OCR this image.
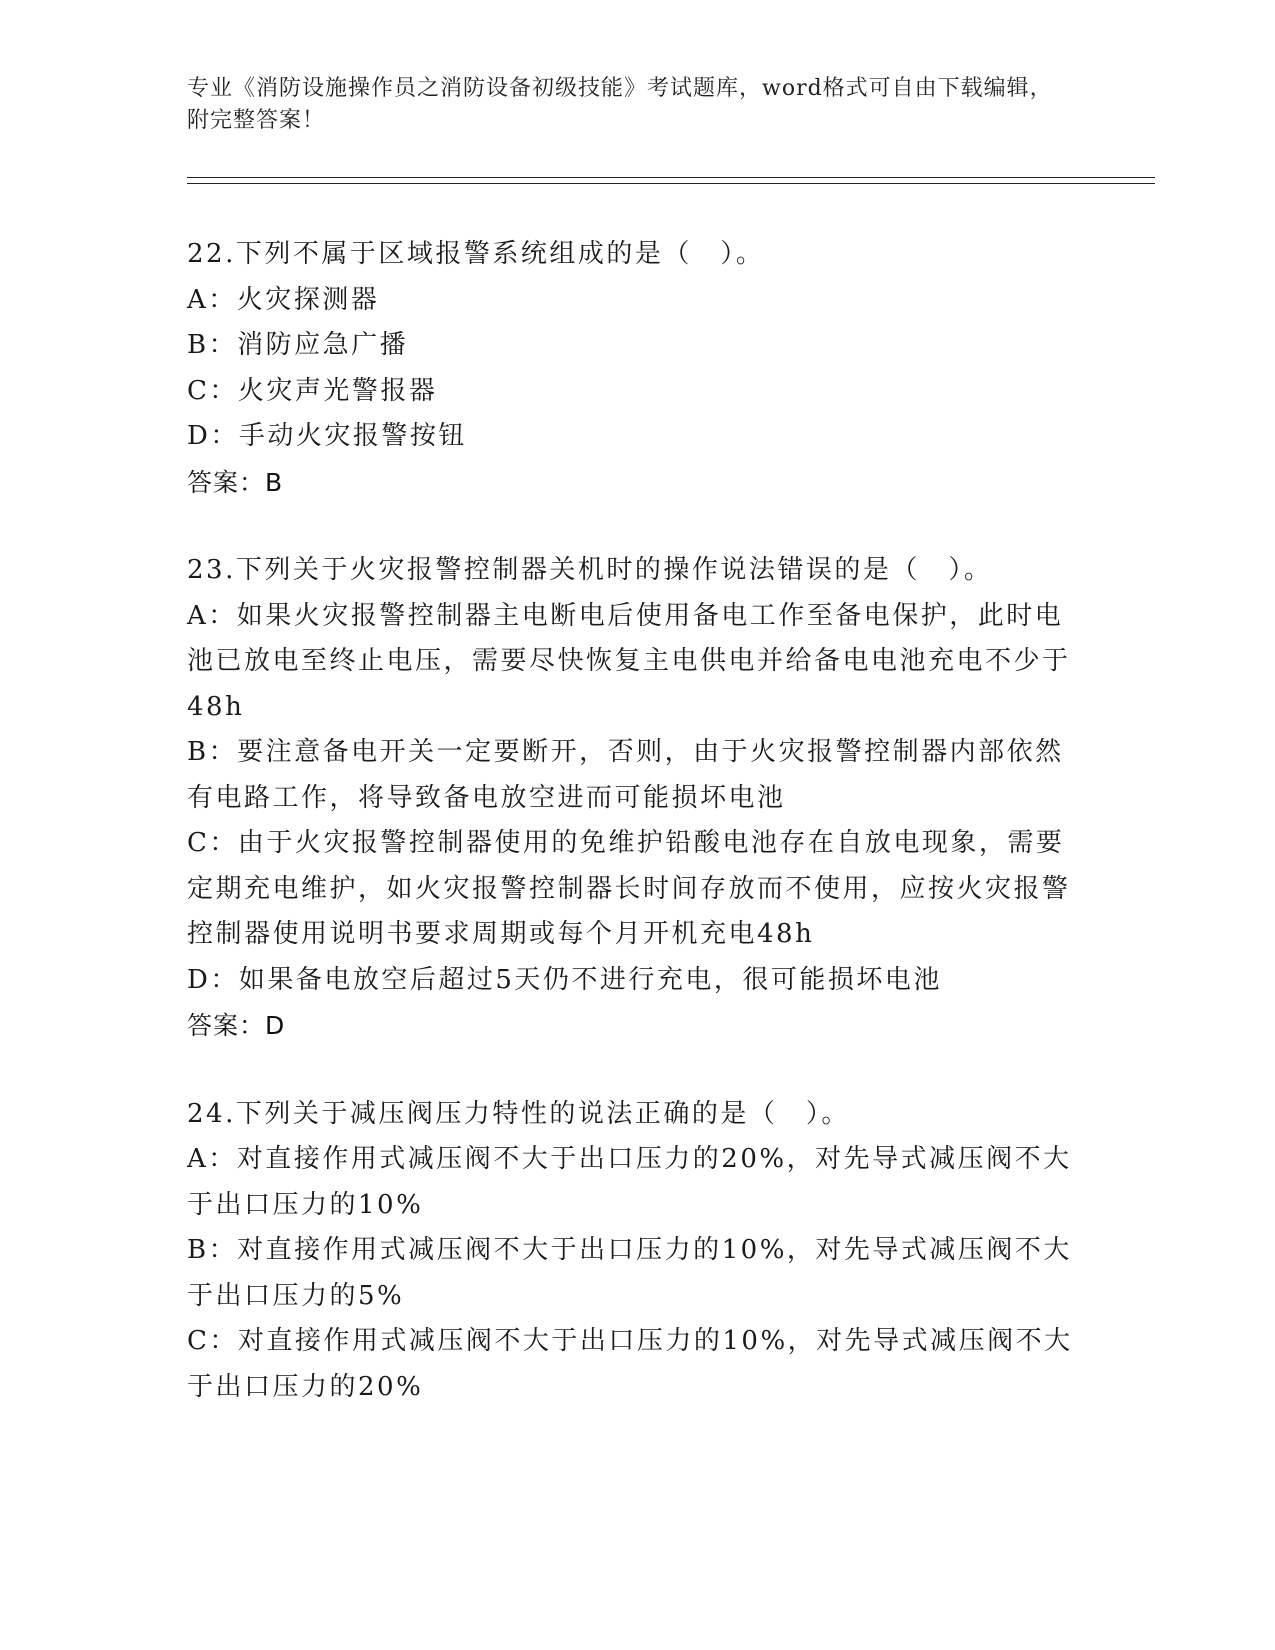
专业《消防设施操作员之消防设备初级技能》考试题库，word格式可自由下载编辑，附完整答案！

22.下列不属于区域报警系统组成的是（　）。

A：火灾探测器

B：消防应急广播

C：火灾声光警报器

D：手动火灾报警按钮

答案：B

23.下列关于火灾报警控制器关机时的操作说法错误的是（　）。

A：如果火灾报警控制器主电断电后使用备电工作至备电保护，此时电池已放电至终止电压，需要尽快恢复主电供电并给备电电池充电不少于48h

B：要注意备电开关一定要断开，否则，由于火灾报警控制器内部依然有电路工作，将导致备电放空进而可能损坏电池

C：由于火灾报警控制器使用的免维护铅酸电池存在自放电现象，需要定期充电维护，如火灾报警控制器长时间存放而不使用，应按火灾报警控制器使用说明书要求周期或每个月开机充电48h

D：如果备电放空后超过5天仍不进行充电，很可能损坏电池

答案：D

24.下列关于减压阀压力特性的说法正确的是（　）。

A：对直接作用式减压阀不大于出口压力的20%，对先导式减压阀不大于出口压力的10%

B：对直接作用式减压阀不大于出口压力的10%，对先导式减压阀不大于出口压力的5%

C：对直接作用式减压阀不大于出口压力的10%，对先导式减压阀不大于出口压力的20%
